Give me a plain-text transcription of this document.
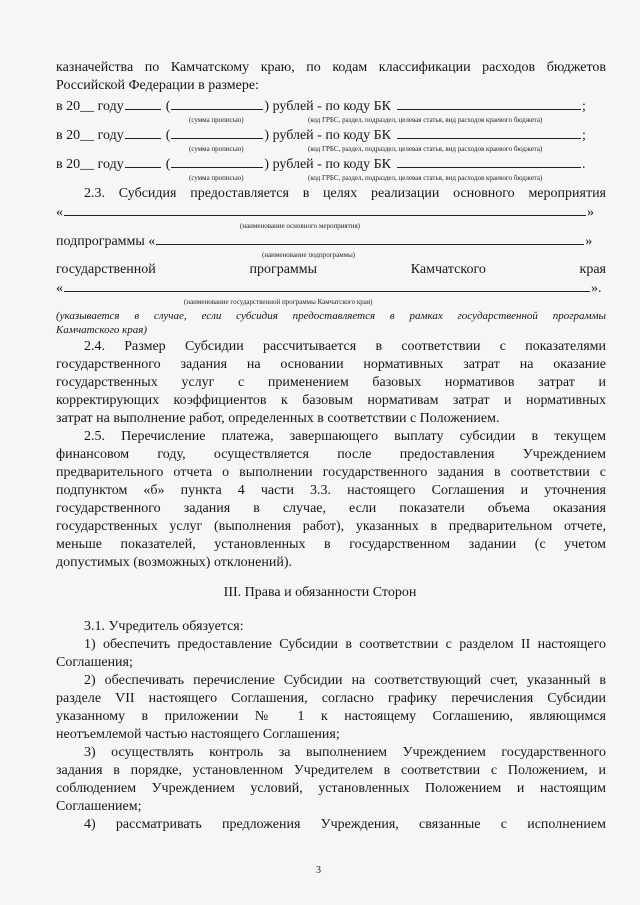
казначейства по Камчатскому краю, по кодам классификации расходов бюджетов
Российской Федерации в размере:
в 20__ году	(	) рублей - по коду БК	;
(сумма прописью)	(код ГРБС, раздел, подраздел, целевая статья, вид расходов краевого бюджета)
в 20__ году	(	) рублей - по коду БК	;
(сумма прописью)	(код ГРБС, раздел, подраздел, целевая статья, вид расходов краевого бюджета)
в 20__ году	(	) рублей - по коду БК	.
(сумма прописью)	(код ГРБС, раздел, подраздел, целевая статья, вид расходов краевого бюджета)
2.3. Субсидия предоставляется в целях реализации основного мероприятия
«	»
(наименование основного мероприятия)
подпрограммы «	»
(наименование подпрограммы)
государственной	программы	Камчатского	края
«	».
(наименование государственной программы Камчатского края)
(указывается в случае, если субсидия предоставляется в рамках государственной программы
Камчатского края)
2.4. Размер Субсидии рассчитывается в соответствии с показателями
государственного задания на основании нормативных затрат на оказание
государственных услуг с применением базовых нормативов затрат и
корректирующих коэффициентов к базовым нормативам затрат и нормативных
затрат на выполнение работ, определенных в соответствии с Положением.
2.5. Перечисление платежа, завершающего выплату субсидии в текущем
финансовом году, осуществляется после предоставления Учреждением
предварительного отчета о выполнении государственного задания в соответствии с
подпунктом «б» пункта 4 части 3.3. настоящего Соглашения и уточнения
государственного задания в случае, если показатели объема оказания
государственных услуг (выполнения работ), указанных в предварительном отчете,
меньше показателей, установленных в государственном задании (с учетом
допустимых (возможных) отклонений).
III. Права и обязанности Сторон
3.1. Учредитель обязуется:
1) обеспечить предоставление Субсидии в соответствии с разделом II настоящего
Соглашения;
2) обеспечивать перечисление Субсидии на соответствующий счет, указанный в
разделе VII настоящего Соглашения, согласно графику перечисления Субсидии
указанному в приложении № 1 к настоящему Соглашению, являющимся
неотъемлемой частью настоящего Соглашения;
3) осуществлять контроль за выполнением Учреждением государственного
задания в порядке, установленном Учредителем в соответствии с Положением, и
соблюдением Учреждением условий, установленных Положением и настоящим
Соглашением;
4) рассматривать предложения Учреждения, связанные с исполнением
3
